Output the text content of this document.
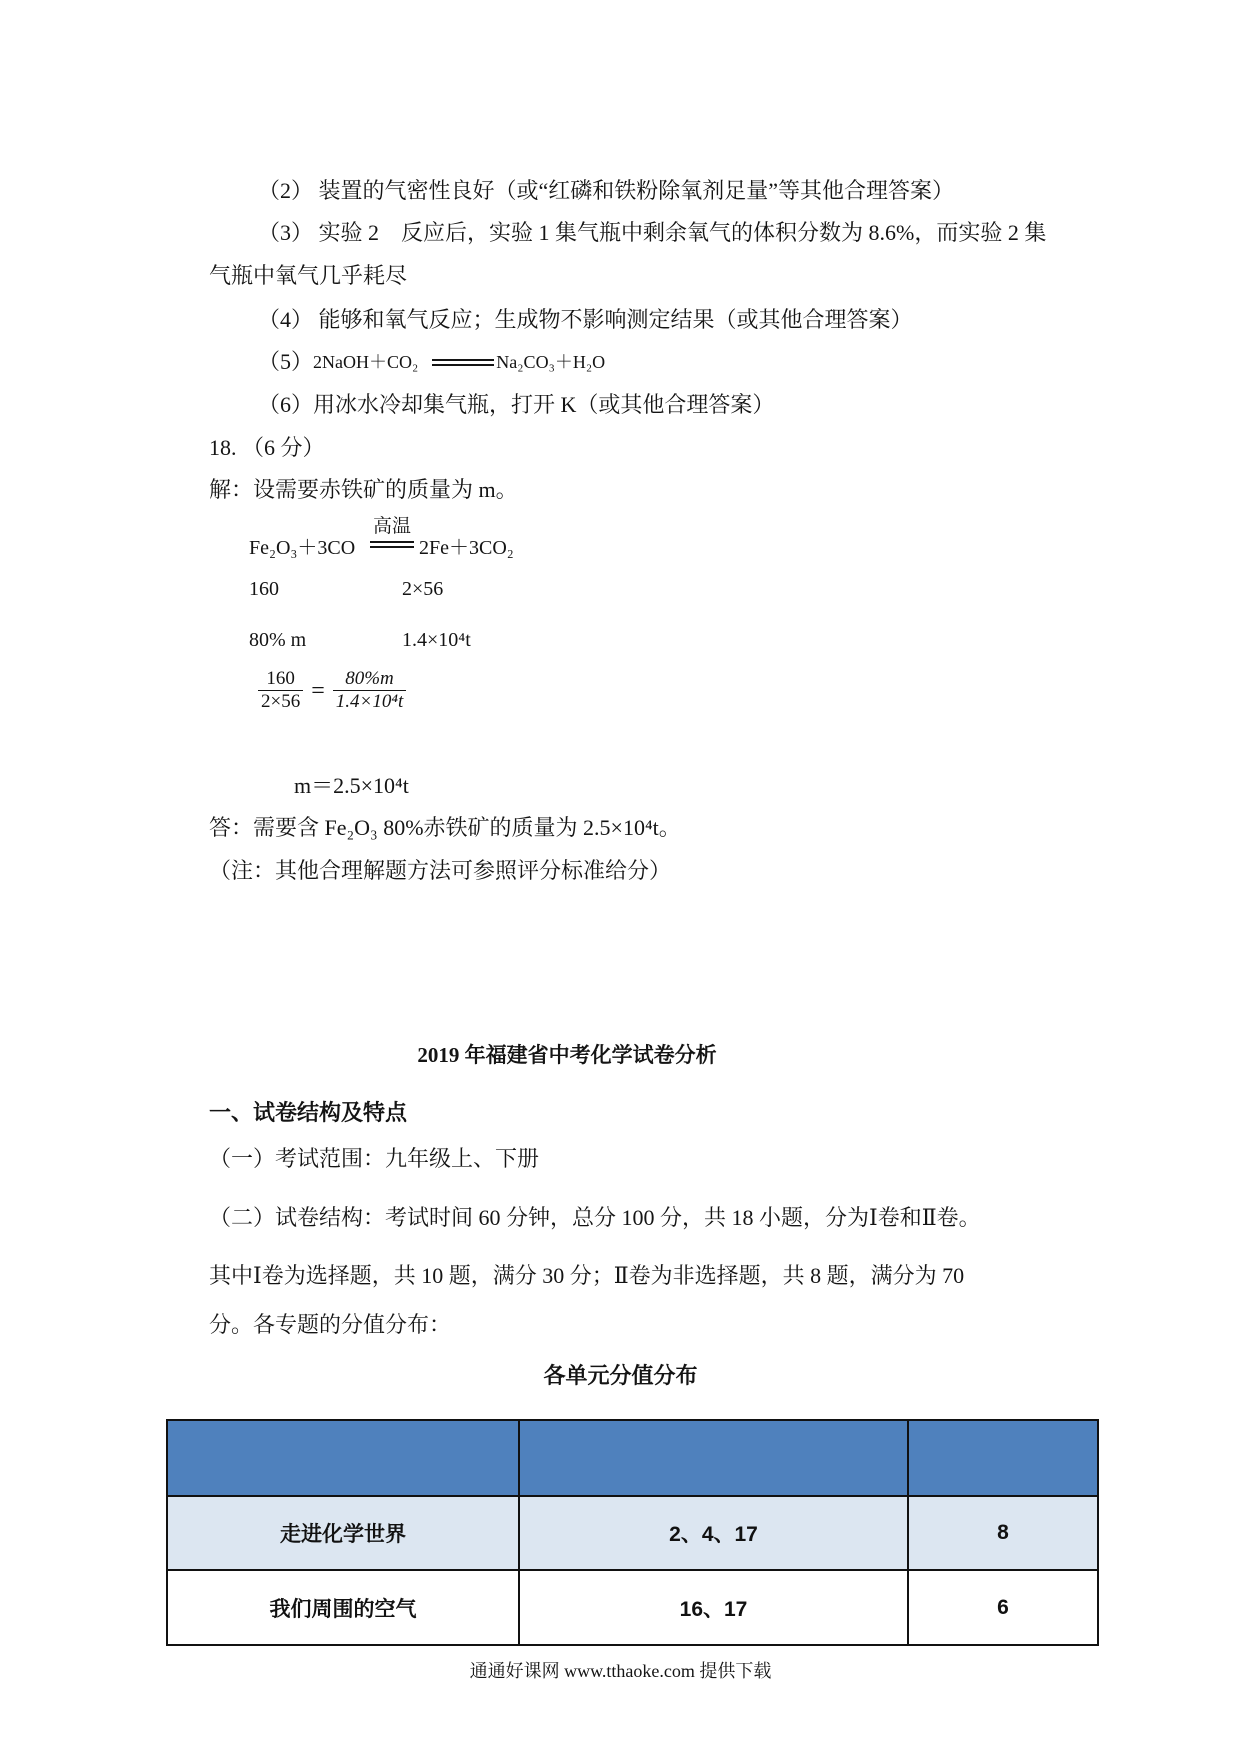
（2） 装置的气密性良好（或“红磷和铁粉除氧剂足量”等其他合理答案）
（3） 实验 2    反应后，实验 1 集气瓶中剩余氧气的体积分数为 8.6%，而实验 2 集
气瓶中氧气几乎耗尽
（4） 能够和氧气反应；生成物不影响测定结果（或其他合理答案）
（5） 2NaOH＋CO₂	Na₂CO₃＋H₂O
（6）用冰水冷却集气瓶，打开 K（或其他合理答案）
18. （6 分）
解：设需要赤铁矿的质量为 m。
Fe₂O₃＋3CO
高温
2Fe＋3CO₂
160	2×56
80% m	1.4×10⁴t
$\frac{160}{2\times 56} = \frac{80\%m}{\text{1.4×10⁴t}}$
m＝2.5×10⁴t
答：需要含 Fe₂O₃ 80%赤铁矿的质量为 2.5×10⁴t。
（注：其他合理解题方法可参照评分标准给分）
2019 年福建省中考化学试卷分析
一、试卷结构及特点
（一）考试范围：九年级上、下册
（二）试卷结构：考试时间 60 分钟，总分 100 分，共 18 小题，分为Ⅰ卷和Ⅱ卷。
其中Ⅰ卷为选择题，共 10 题，满分 30 分；Ⅱ卷为非选择题，共 8 题，满分为 70
分。各专题的分值分布：
各单元分值分布

走进化学世界	2、4、17	8
我们周围的空气	16、17	6
通通好课网 www.tthaoke.com 提供下载
